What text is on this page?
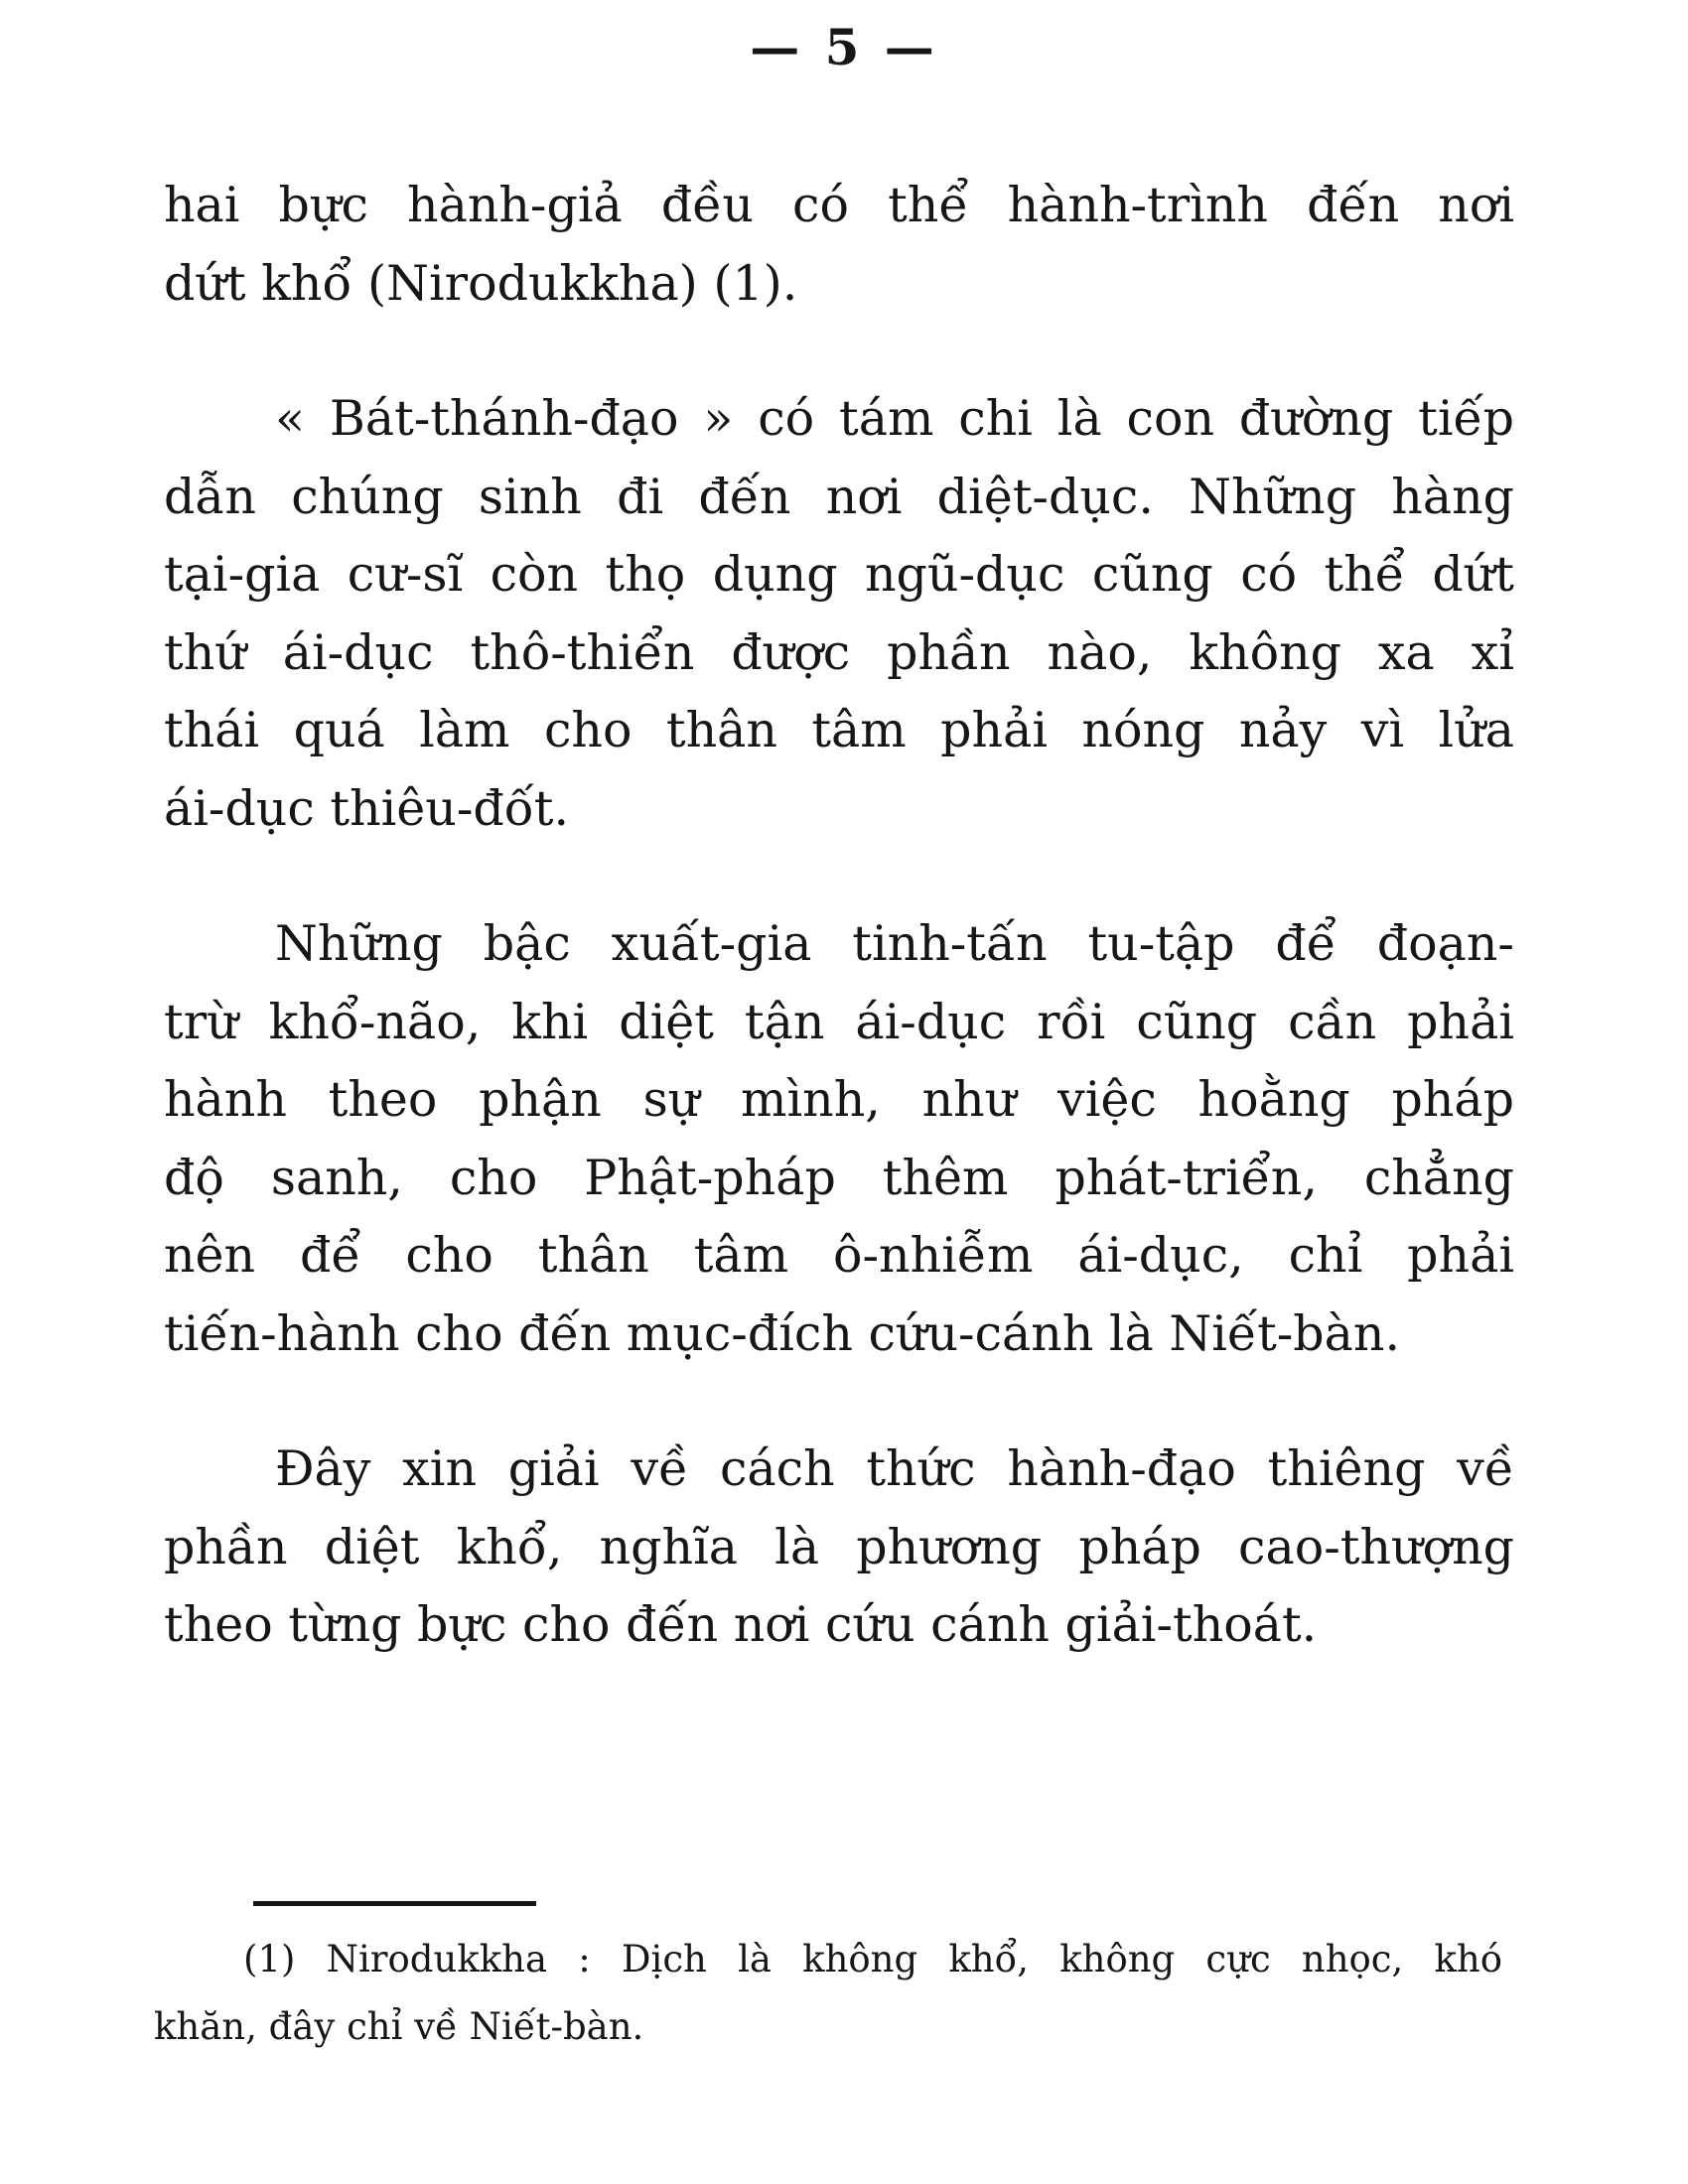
— 5 —
hai bực hành-giả đều có thể hành-trình đến nơi
dứt khổ (Nirodukkha) (1).
« Bát-thánh-đạo » có tám chi là con đường tiếp
dẫn chúng sinh đi đến nơi diệt-dục. Những hàng
tại-gia cư-sĩ còn thọ dụng ngũ-dục cũng có thể dứt
thứ ái-dục thô-thiển được phần nào, không xa xỉ
thái quá làm cho thân tâm phải nóng nảy vì lửa
ái-dục thiêu-đốt.
Những bậc xuất-gia tinh-tấn tu-tập để đoạn-
trừ khổ-não, khi diệt tận ái-dục rồi cũng cần phải
hành theo phận sự mình, như việc hoằng pháp
độ sanh, cho Phật-pháp thêm phát-triển, chẳng
nên để cho thân tâm ô-nhiễm ái-dục, chỉ phải
tiến-hành cho đến mục-đích cứu-cánh là Niết-bàn.
Đây xin giải về cách thức hành-đạo thiêng về
phần diệt khổ, nghĩa là phương pháp cao-thượng
theo từng bực cho đến nơi cứu cánh giải-thoát.
(1) Nirodukkha : Dịch là không khổ, không cực nhọc, khó
khăn, đây chỉ về Niết-bàn.
